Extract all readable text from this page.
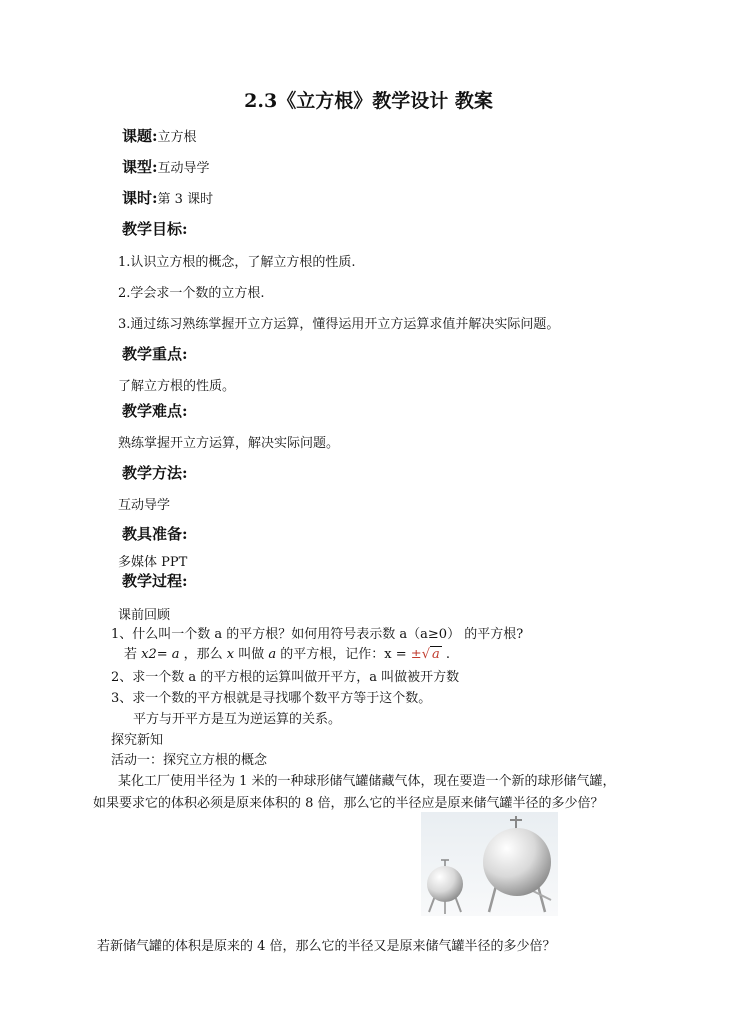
2.3《立方根》教学设计 教案
课题:立方根
课型:互动导学
课时:第 3 课时
教学目标:
1.认识立方根的概念，了解立方根的性质.
2.学会求一个数的立方根.
3.通过练习熟练掌握开立方运算，懂得运用开立方运算求值并解决实际问题。
教学重点:
了解立方根的性质。
教学难点:
熟练掌握开立方运算，解决实际问题。
教学方法:
互动导学
教具准备:
多媒体 PPT
教学过程:
课前回顾
1、什么叫一个数 a 的平方根？如何用符号表示数 a（a≥0） 的平方根?
若 x2= a ，那么 x 叫做 a 的平方根，记作：x = ±√ a .
2、求一个数 a 的平方根的运算叫做开平方，a 叫做被开方数
3、求一个数的平方根就是寻找哪个数平方等于这个数。
平方与开平方是互为逆运算的关系。
探究新知
活动一：探究立方根的概念
某化工厂使用半径为 1 米的一种球形储气罐储藏气体，现在要造一个新的球形储气罐，
如果要求它的体积必须是原来体积的 8 倍，那么它的半径应是原来储气罐半径的多少倍？
若新储气罐的体积是原来的 4 倍，那么它的半径又是原来储气罐半径的多少倍？
